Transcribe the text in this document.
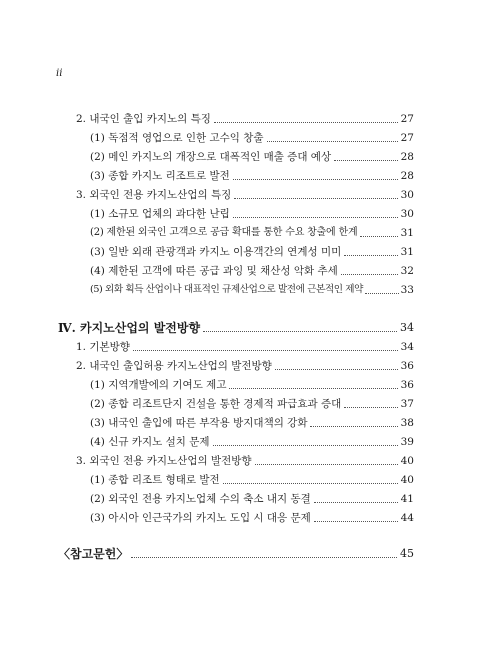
ii
2. 내국인 출입 카지노의 특징	27
(1) 독점적 영업으로 인한 고수익 창출	27
(2) 메인 카지노의 개장으로 대폭적인 매출 증대 예상	28
(3) 종합 카지노 리조트로 발전	28
3. 외국인 전용 카지노산업의 특징	30
(1) 소규모 업체의 과다한 난립	30
(2) 제한된 외국인 고객으로 공급 확대를 통한 수요 창출에 한계	31
(3) 일반 외래 관광객과 카지노 이용객간의 연계성 미미	31
(4) 제한된 고객에 따른 공급 과잉 및 채산성 악화 추세	32
(5) 외화 획득 산업이나 대표적인 규제산업으로 발전에 근본적인 제약	33
Ⅳ. 카지노산업의 발전방향	34
1. 기본방향	34
2. 내국인 출입허용 카지노산업의 발전방향	36
(1) 지역개발에의 기여도 제고	36
(2) 종합 리조트단지 건설을 통한 경제적 파급효과 증대	37
(3) 내국인 출입에 따른 부작용 방지대책의 강화	38
(4) 신규 카지노 설치 문제	39
3. 외국인 전용 카지노산업의 발전방향	40
(1) 종합 리조트 형태로 발전	40
(2) 외국인 전용 카지노업체 수의 축소 내지 동결	41
(3) 아시아 인근국가의 카지노 도입 시 대응 문제	44
〈참고문헌〉	45
